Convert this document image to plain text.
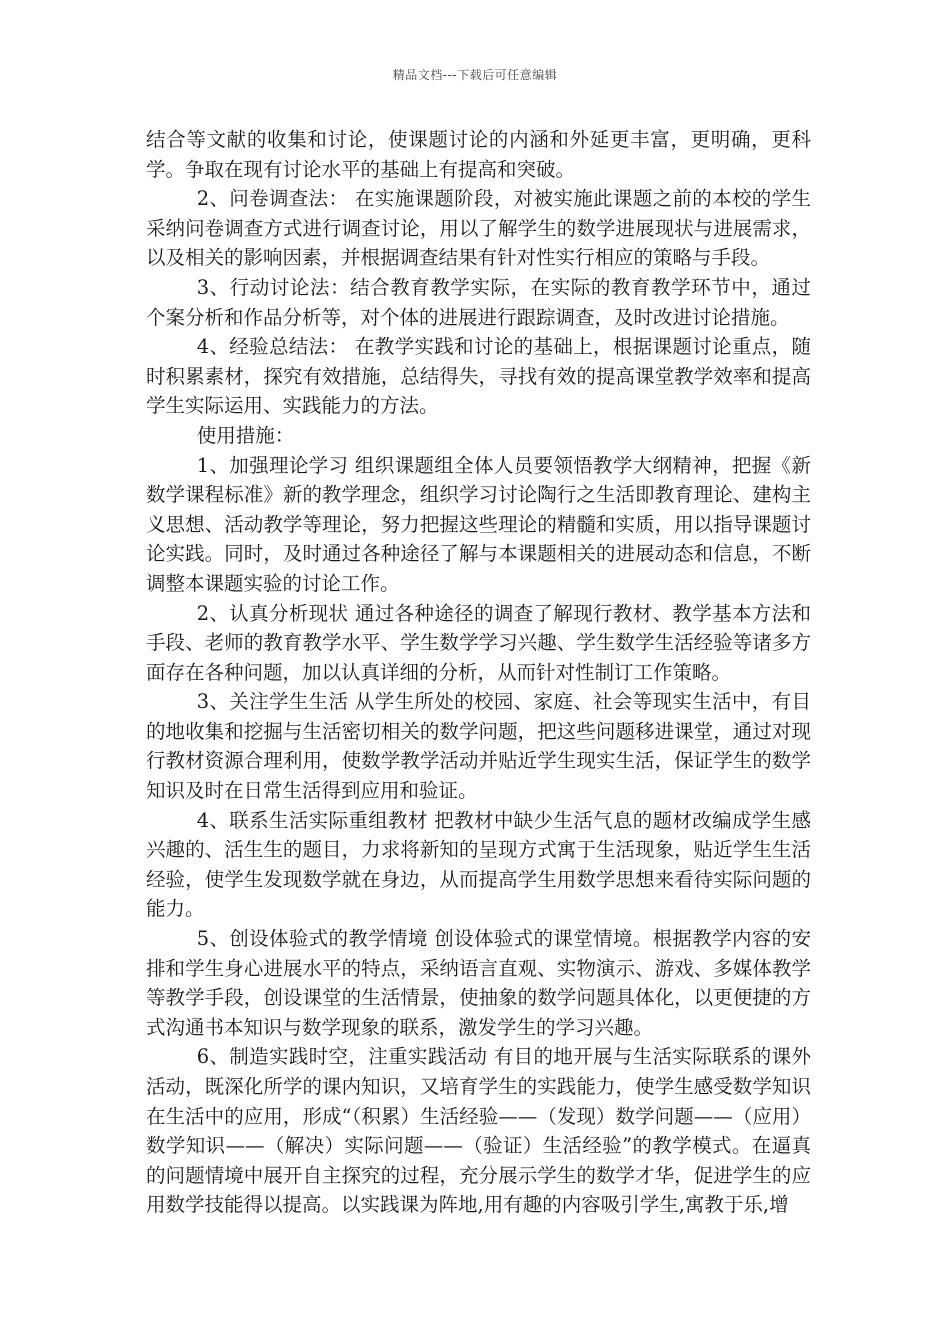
精品文档---下载后可任意编辑

结合等文献的收集和讨论，使课题讨论的内涵和外延更丰富，更明确，更科学。争取在现有讨论水平的基础上有提高和突破。

2、问卷调查法： 在实施课题阶段，对被实施此课题之前的本校的学生采纳问卷调查方式进行调查讨论，用以了解学生的数学进展现状与进展需求，以及相关的影响因素，并根据调查结果有针对性实行相应的策略与手段。

3、行动讨论法：结合教育教学实际，在实际的教育教学环节中，通过个案分析和作品分析等，对个体的进展进行跟踪调查，及时改进讨论措施。

4、经验总结法： 在教学实践和讨论的基础上，根据课题讨论重点，随时积累素材，探究有效措施，总结得失，寻找有效的提高课堂教学效率和提高学生实际运用、实践能力的方法。

使用措施：

1、加强理论学习 组织课题组全体人员要领悟教学大纲精神，把握《新数学课程标准》新的教学理念，组织学习讨论陶行之生活即教育理论、建构主义思想、活动教学等理论，努力把握这些理论的精髓和实质，用以指导课题讨论实践。同时，及时通过各种途径了解与本课题相关的进展动态和信息，不断调整本课题实验的讨论工作。

2、认真分析现状 通过各种途径的调查了解现行教材、教学基本方法和手段、老师的教育教学水平、学生数学学习兴趣、学生数学生活经验等诸多方面存在各种问题，加以认真详细的分析，从而针对性制订工作策略。

3、关注学生生活 从学生所处的校园、家庭、社会等现实生活中，有目的地收集和挖掘与生活密切相关的数学问题，把这些问题移进课堂，通过对现行教材资源合理利用，使数学教学活动并贴近学生现实生活，保证学生的数学知识及时在日常生活得到应用和验证。

4、联系生活实际重组教材 把教材中缺少生活气息的题材改编成学生感兴趣的、活生生的题目，力求将新知的呈现方式寓于生活现象，贴近学生生活经验，使学生发现数学就在身边，从而提高学生用数学思想来看待实际问题的能力。

5、创设体验式的教学情境 创设体验式的课堂情境。根据教学内容的安排和学生身心进展水平的特点，采纳语言直观、实物演示、游戏、多媒体教学等教学手段，创设课堂的生活情景，使抽象的数学问题具体化，以更便捷的方式沟通书本知识与数学现象的联系，激发学生的学习兴趣。

6、制造实践时空，注重实践活动 有目的地开展与生活实际联系的课外活动，既深化所学的课内知识，又培育学生的实践能力，使学生感受数学知识在生活中的应用，形成“（积累）生活经验——（发现）数学问题——（应用）数学知识——（解决）实际问题——（验证）生活经验”的教学模式。在逼真的问题情境中展开自主探究的过程，充分展示学生的数学才华，促进学生的应用数学技能得以提高。以实践课为阵地,用有趣的内容吸引学生,寓教于乐,增
